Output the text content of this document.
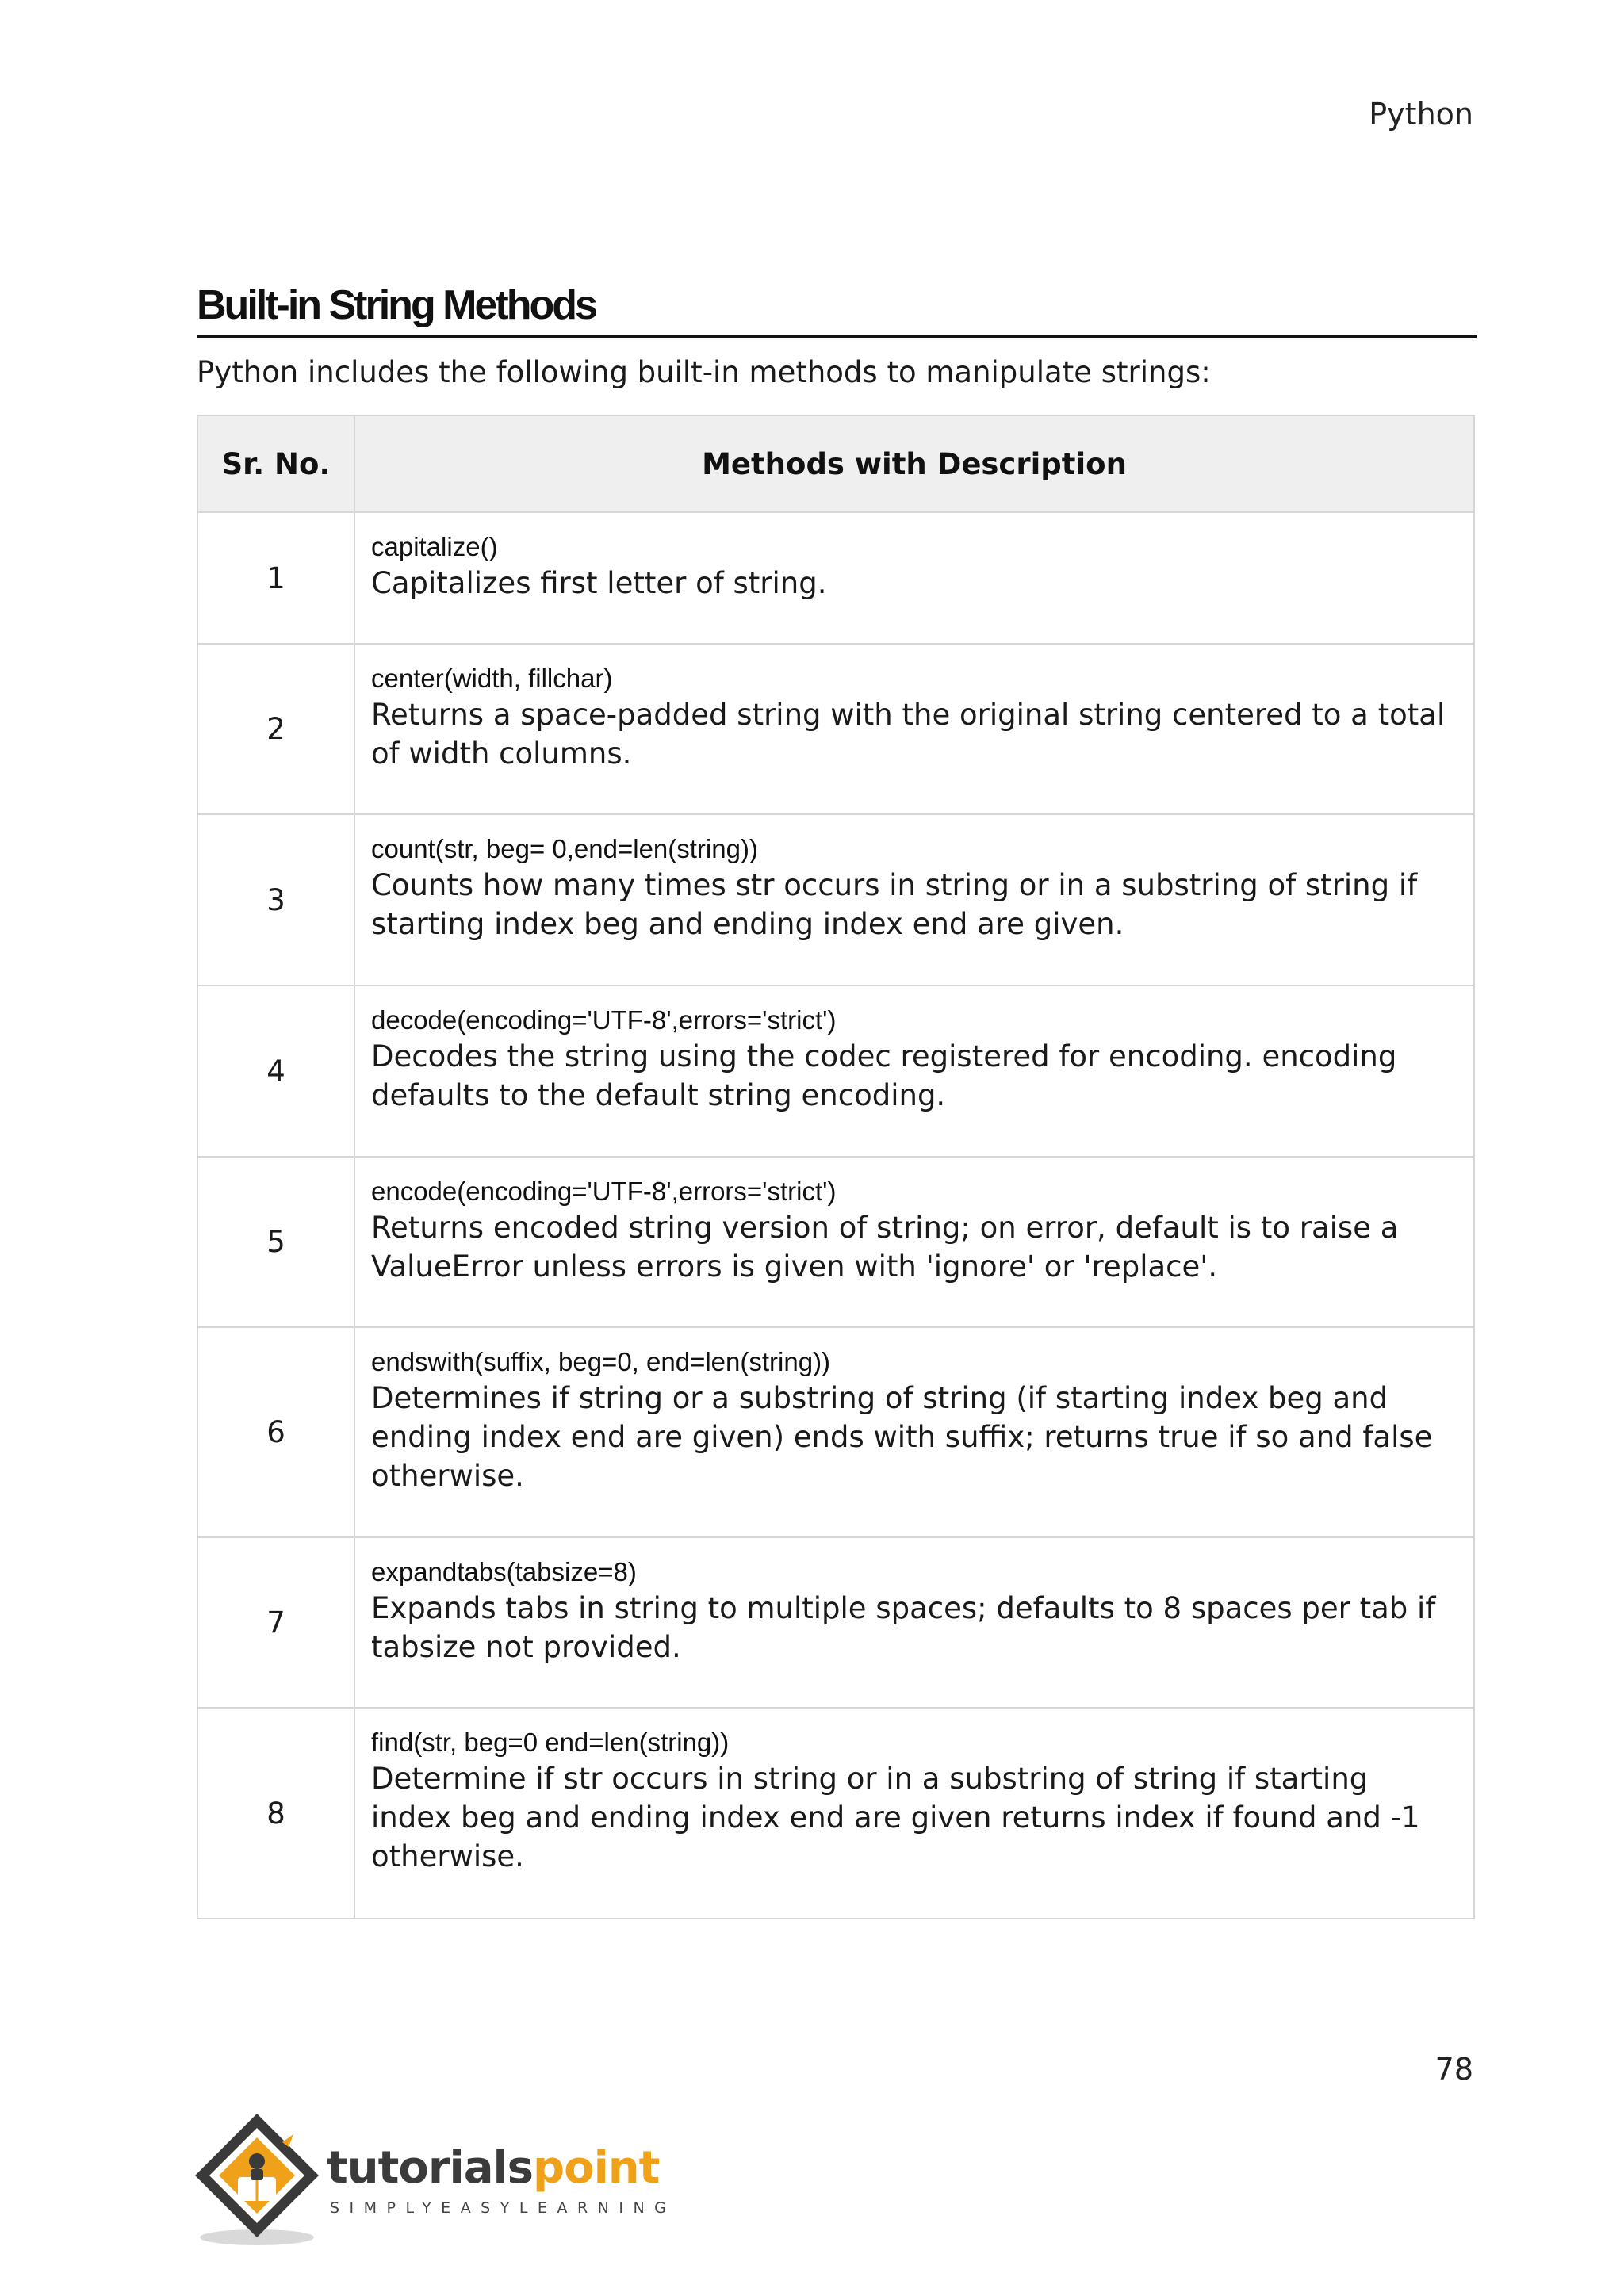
Python
Built-in String Methods
Python includes the following built-in methods to manipulate strings:
Sr. No.	Methods with Description
1	capitalize()
Capitalizes first letter of string.

2	center(width, fillchar)
Returns a space-padded string with the original string centered to a total of width columns.

3	count(str, beg= 0,end=len(string))
Counts how many times str occurs in string or in a substring of string if starting index beg and ending index end are given.

4	decode(encoding='UTF-8',errors='strict')
Decodes the string using the codec registered for encoding. encoding defaults to the default string encoding.

5	encode(encoding='UTF-8',errors='strict')
Returns encoded string version of string; on error, default is to raise a ValueError unless errors is given with 'ignore' or 'replace'.

6	endswith(suffix, beg=0, end=len(string))
Determines if string or a substring of string (if starting index beg and ending index end are given) ends with suffix; returns true if so and false otherwise.

7	expandtabs(tabsize=8)
Expands tabs in string to multiple spaces; defaults to 8 spaces per tab if tabsize not provided.

8	find(str, beg=0 end=len(string))
Determine if str occurs in string or in a substring of string if starting index beg and ending index end are given returns index if found and -1 otherwise.
78
tutorialspoint
SIMPLYEASYLEARNING
